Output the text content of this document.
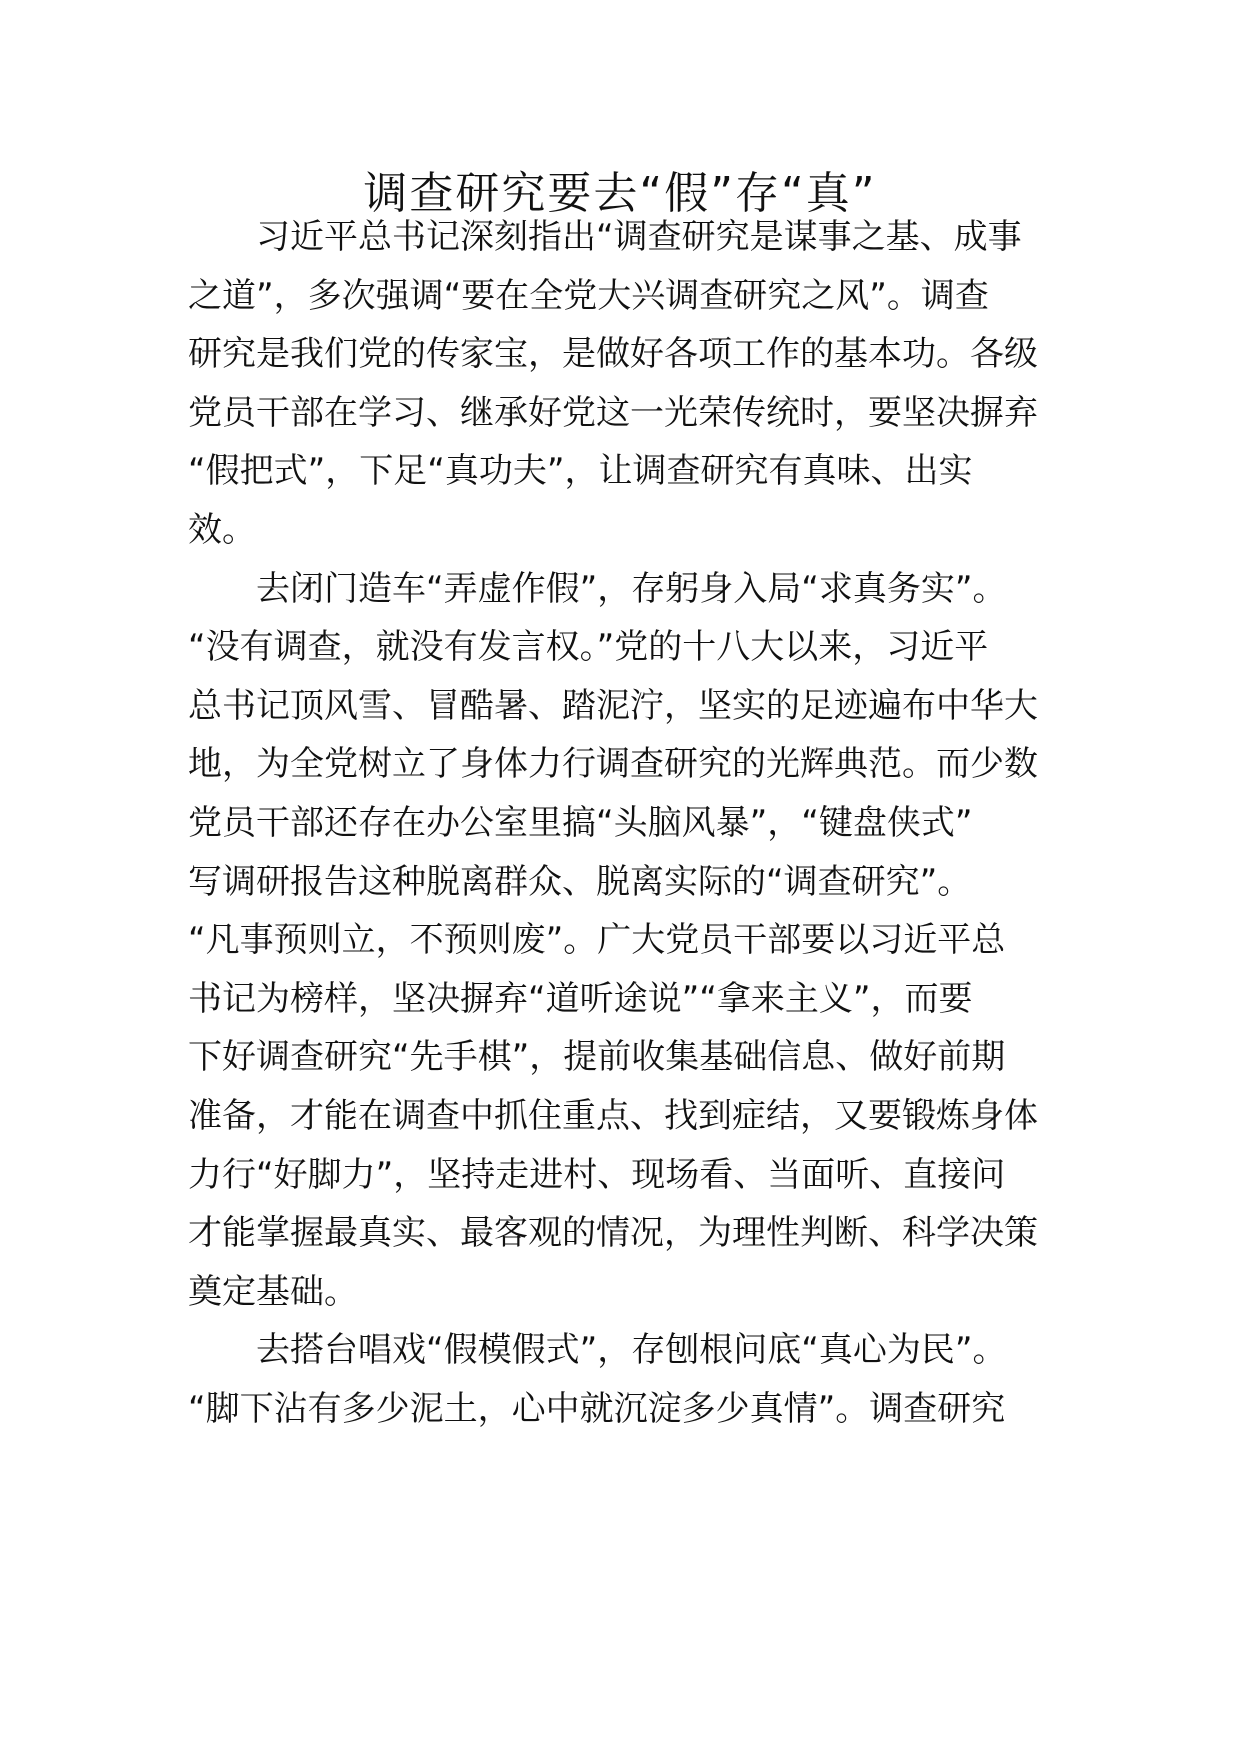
调查研究要去“假”存“真”

　　习近平总书记深刻指出“调查研究是谋事之基、成事

之道”，多次强调“要在全党大兴调查研究之风”。调查

研究是我们党的传家宝，是做好各项工作的基本功。各级

党员干部在学习、继承好党这一光荣传统时，要坚决摒弃

“假把式”，下足“真功夫”，让调查研究有真味、出实

效。

　　去闭门造车“弄虚作假”，存躬身入局“求真务实”。

“没有调查，就没有发言权。”党的十八大以来，习近平

总书记顶风雪、冒酷暑、踏泥泞，坚实的足迹遍布中华大

地，为全党树立了身体力行调查研究的光辉典范。而少数

党员干部还存在办公室里搞“头脑风暴”，“键盘侠式”

写调研报告这种脱离群众、脱离实际的“调查研究”。

“凡事预则立，不预则废”。广大党员干部要以习近平总

书记为榜样，坚决摒弃“道听途说”“拿来主义”，而要

下好调查研究“先手棋”，提前收集基础信息、做好前期

准备，才能在调查中抓住重点、找到症结，又要锻炼身体

力行“好脚力”，坚持走进村、现场看、当面听、直接问

才能掌握最真实、最客观的情况，为理性判断、科学决策

奠定基础。

　　去搭台唱戏“假模假式”，存刨根问底“真心为民”。

“脚下沾有多少泥土，心中就沉淀多少真情”。调查研究
